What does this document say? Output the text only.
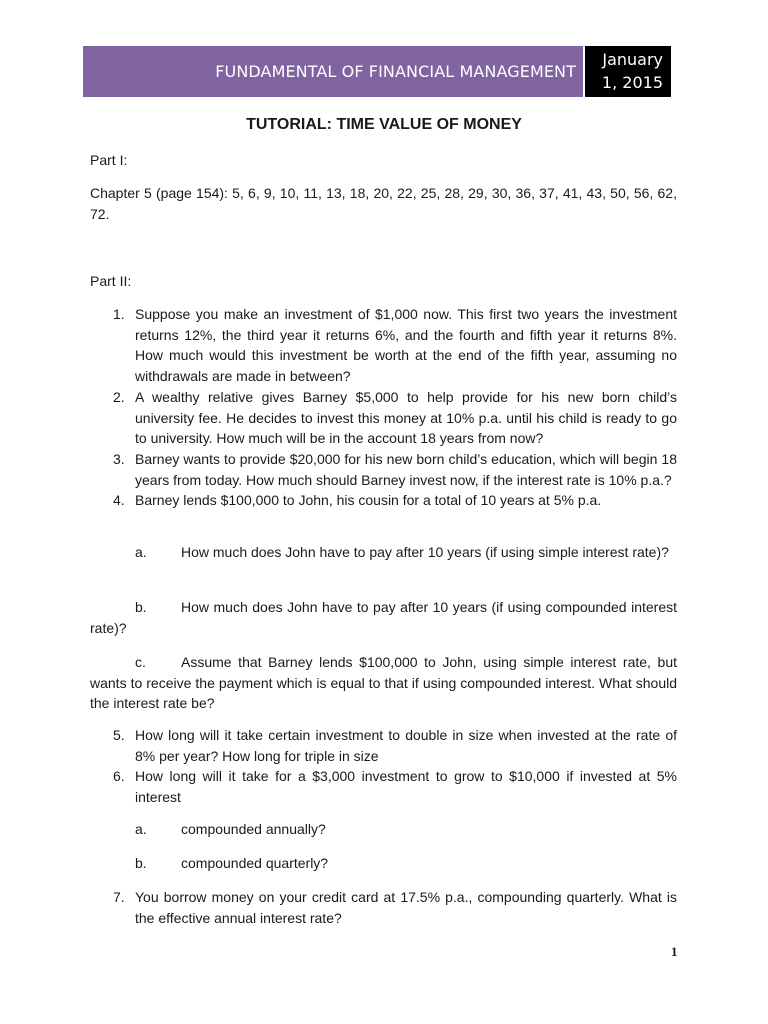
FUNDAMENTAL OF FINANCIAL MANAGEMENT
January
1, 2015
TUTORIAL: TIME VALUE OF MONEY
Part I:
Chapter 5 (page 154): 5, 6, 9, 10, 11, 13, 18, 20, 22, 25, 28, 29, 30, 36, 37, 41, 43, 50, 56, 62, 72.
Part II:
1. Suppose you make an investment of $1,000 now. This first two years the investment returns 12%, the third year it returns 6%, and the fourth and fifth year it returns 8%. How much would this investment be worth at the end of the fifth year, assuming no withdrawals are made in between?
2. A wealthy relative gives Barney $5,000 to help provide for his new born child’s university fee. He decides to invest this money at 10% p.a. until his child is ready to go to university. How much will be in the account 18 years from now?
3. Barney wants to provide $20,000 for his new born child’s education, which will begin 18 years from today. How much should Barney invest now, if the interest rate is 10% p.a.?
4. Barney lends $100,000 to John, his cousin for a total of 10 years at 5% p.a.
a. How much does John have to pay after 10 years (if using simple interest rate)?
b. How much does John have to pay after 10 years (if using compounded interest rate)?
c.	Assume that Barney lends $100,000 to John, using simple interest rate, but wants to receive the payment which is equal to that if using compounded interest. What should the interest rate be?
5. How long will it take certain investment to double in size when invested at the rate of 8% per year? How long for triple in size
6. How long will it take for a $3,000 investment to grow to $10,000 if invested at 5% interest
a. compounded annually?
b. compounded quarterly?
7. You borrow money on your credit card at 17.5% p.a., compounding quarterly. What is the effective annual interest rate?
1
